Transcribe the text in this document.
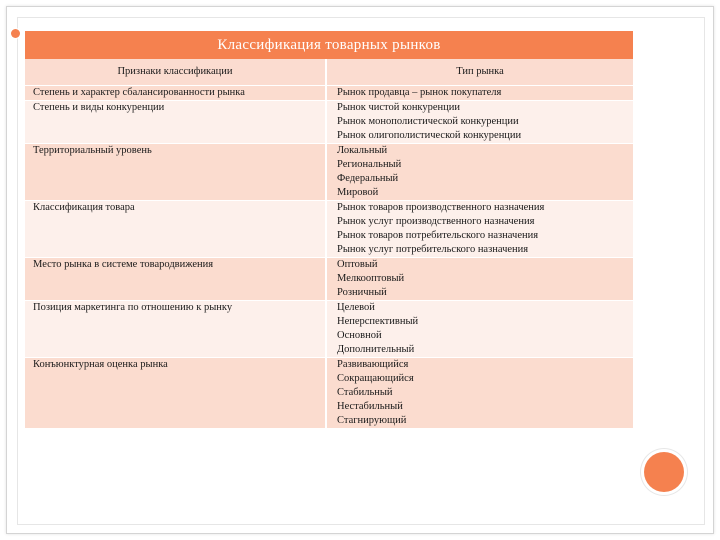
Классификация товарных рынков	
Признаки классификации	Тип рынка

Степень и характер сбалансированности рынка	Рынок продавца – рынок покупателя

Степень и виды конкуренции	Рынок чистой конкуренции
Рынок монополистической конкуренции
Рынок олигополистической конкуренции

Территориальный уровень	Локальный
Региональный
Федеральный
Мировой

Классификация товара	Рынок товаров производственного назначения
Рынок услуг производственного назначения
Рынок товаров потребительского назначения
Рынок услуг потребительского назначения

Место рынка в системе товародвижения	Оптовый
Мелкооптовый
Розничный

Позиция маркетинга по отношению к рынку	Целевой
Неперспективный
Основной
Дополнительный

Конъюнктурная оценка рынка	Развивающийся
Сокращающийся
Стабильный
Нестабильный
Стагнирующий
